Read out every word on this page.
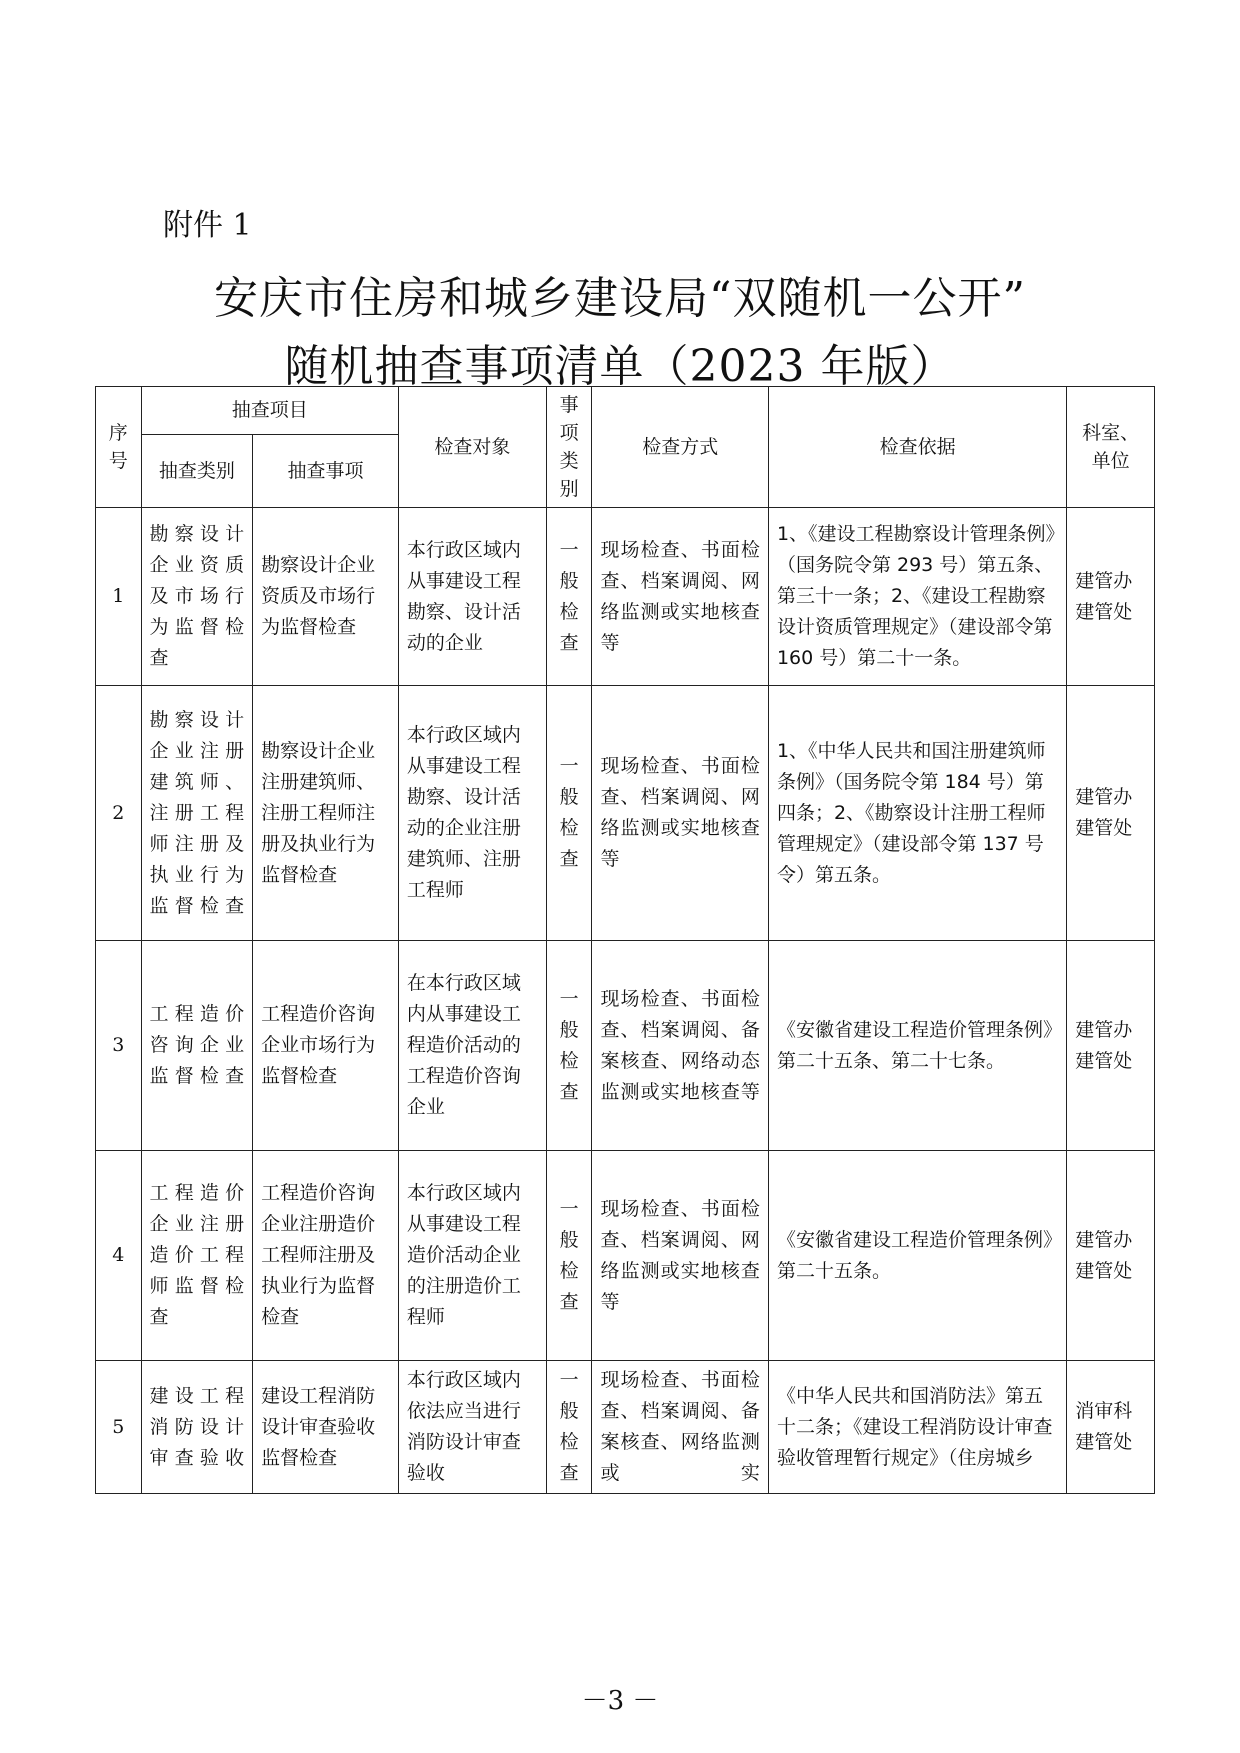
附件 1
安庆市住房和城乡建设局“双随机一公开”
随机抽查事项清单（2023 年版）
序号	抽查项目		检查对象	事项类别	检查方式	检查依据	科室、单位
	抽查类别	抽查事项					
1	勘察设计企业资质及市场行为监督检查	勘察设计企业资质及市场行为监督检查	本行政区域内从事建设工程勘察、设计活动的企业	一般检查	现场检查、书面检查、档案调阅、网络监测或实地核查等	1、《建设工程勘察设计管理条例》（国务院令第 293 号）第五条、第三十一条；2、《建设工程勘察设计资质管理规定》（建设部令第 160 号）第二十一条。	建管办建管处
2	勘察设计企业注册建筑师、注册工程师注册及执业行为监督检查	勘察设计企业注册建筑师、注册工程师注册及执业行为监督检查	本行政区域内从事建设工程勘察、设计活动的企业注册建筑师、注册工程师	一般检查	现场检查、书面检查、档案调阅、网络监测或实地核查等	1、《中华人民共和国注册建筑师条例》（国务院令第 184 号）第四条；2、《勘察设计注册工程师管理规定》（建设部令第 137 号令）第五条。	建管办建管处
3	工程造价咨询企业监督检查	工程造价咨询企业市场行为监督检查	在本行政区域内从事建设工程造价活动的工程造价咨询企业	一般检查	现场检查、书面检查、档案调阅、备案核查、网络动态监测或实地核查等	《安徽省建设工程造价管理条例》第二十五条、第二十七条。	建管办建管处
4	工程造价企业注册造价工程师监督检查	工程造价咨询企业注册造价工程师注册及执业行为监督检查	本行政区域内从事建设工程造价活动企业的注册造价工程师	一般检查	现场检查、书面检查、档案调阅、网络监测或实地核查等	《安徽省建设工程造价管理条例》第二十五条。	建管办建管处
5	建设工程消防设计审查验收	建设工程消防设计审查验收监督检查	本行政区域内依法应当进行消防设计审查验收	一般检查	现场检查、书面检查、档案调阅、备案核查、网络监测或实	《中华人民共和国消防法》第五十二条；《建设工程消防设计审查验收管理暂行规定》（住房城乡	消审科建管处
－3 －
